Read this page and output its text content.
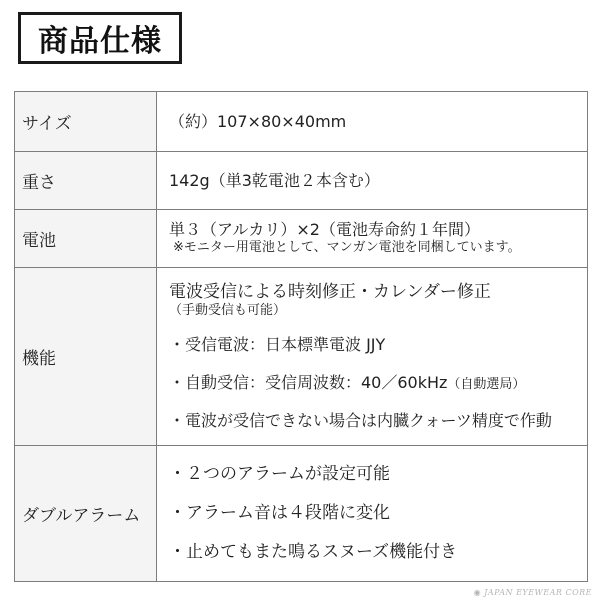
商品仕様
サイズ	（約）107×80×40mm

重さ	142g（単3乾電池２本含む）

電池	単３（アルカリ）×2（電池寿命約１年間）
※モニター用電池として、マンガン電池を同梱しています。

機能	電波受信による時刻修正・カレンダー修正
（手動受信も可能）
・受信電波：日本標準電波 JJY
・自動受信：受信周波数：40／60kHz（自動選局）
・電波が受信できない場合は内臓クォーツ精度で作動

ダブルアラーム	・２つのアラームが設定可能
・アラーム音は４段階に変化
・止めてもまた鳴るスヌーズ機能付き
◉ JAPAN EYEWEAR CORE
